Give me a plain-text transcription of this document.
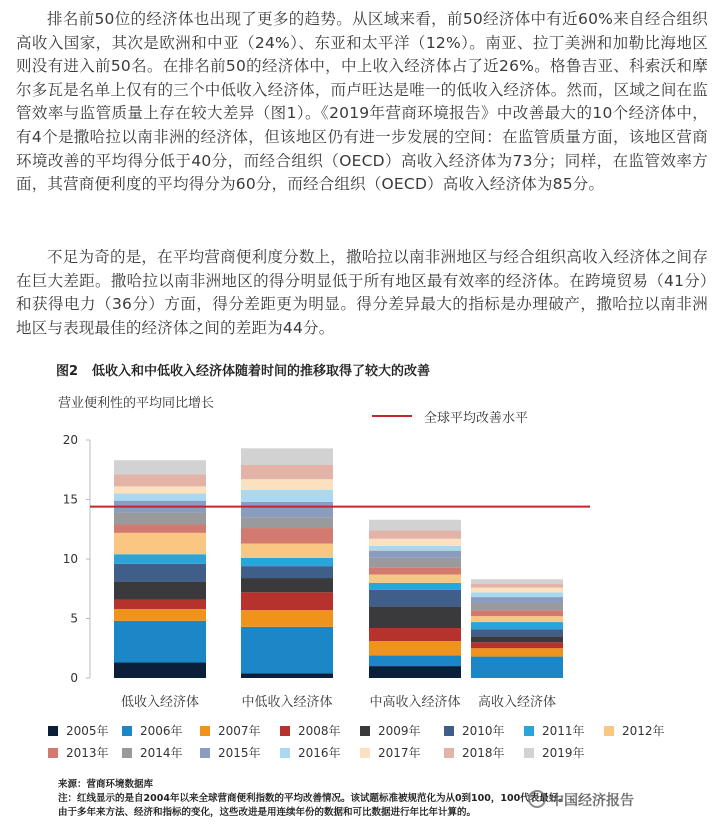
排名前50位的经济体也出现了更多的趋势。从区域来看，前50经济体中有近60%来自经合组织高收入国家，其次是欧洲和中亚（24%）、东亚和太平洋（12%）。南亚、拉丁美洲和加勒比海地区则没有进入前50名。在排名前50的经济体中，中上收入经济体占了近26%。格鲁吉亚、科索沃和摩尔多瓦是名单上仅有的三个中低收入经济体，而卢旺达是唯一的低收入经济体。然而，区域之间在监管效率与监管质量上存在较大差异（图1）。《2019年营商环境报告》中改善最大的10个经济体中，有4个是撒哈拉以南非洲的经济体，但该地区仍有进一步发展的空间：在监管质量方面，该地区营商环境改善的平均得分低于40分，而经合组织（OECD）高收入经济体为73分；同样，在监管效率方面，其营商便利度的平均得分为60分，而经合组织（OECD）高收入经济体为85分。

不足为奇的是，在平均营商便利度分数上，撒哈拉以南非洲地区与经合组织高收入经济体之间存在巨大差距。撒哈拉以南非洲地区的得分明显低于所有地区最有效率的经济体。在跨境贸易（41分）和获得电力（36分）方面，得分差距更为明显。得分差异最大的指标是办理破产，撒哈拉以南非洲地区与表现最佳的经济体之间的差距为44分。

图2 低收入和中低收入经济体随着时间的推移取得了较大的改善
营业便利性的平均同比增长
全球平均改善水平
0
5
10
15
20
低收入经济体	中低收入经济体	中高收入经济体 高收入经济体
2005年	2006年	2007年	2008年	2009年	2010年	2011年	2012年
2013年	2014年	2015年	2016年	2017年	2018年	2019年
来源：营商环境数据库
注：红线显示的是自2004年以来全球营商便利指数的平均改善情况。该试题标准被规范化为从0到100，100代表最好。
由于多年来方法、经济和指标的变化，这些改进是用连续年份的数据和可比数据进行年比年计算的。
中国经济报告
